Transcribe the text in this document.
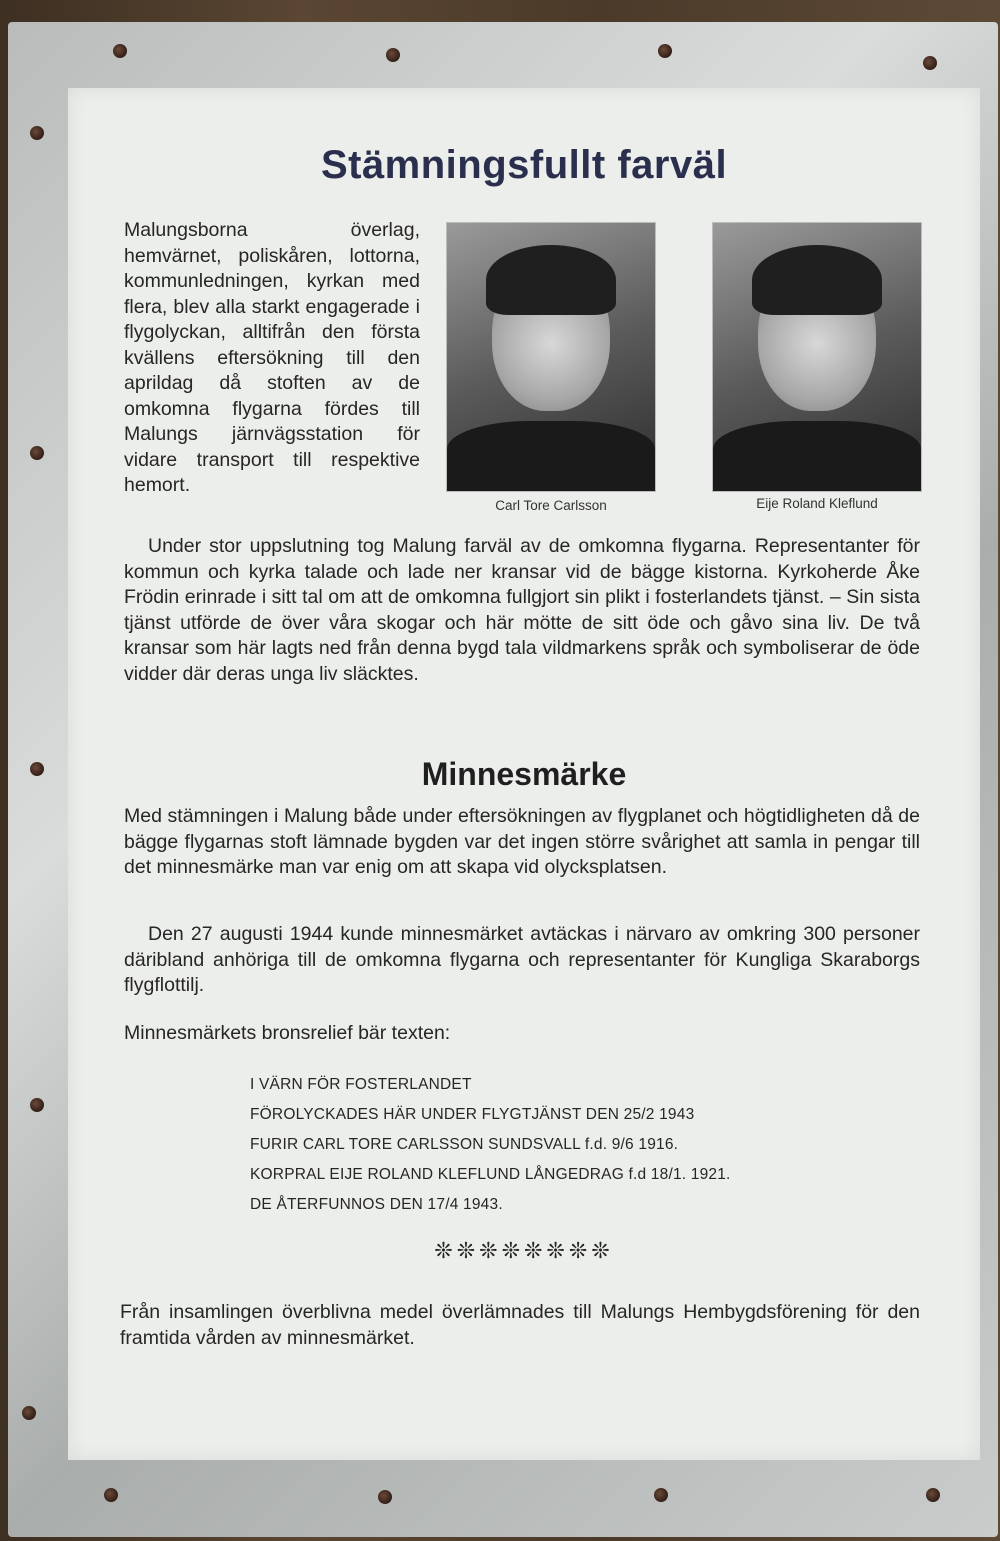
Stämningsfullt farväl
Malungsborna överlag, hemvärnet, poliskåren, lottorna, kommunledningen, kyrkan med flera, blev alla starkt engagerade i flygolyckan, alltifrån den första kvällens eftersökning till den aprildag då stoften av de omkomna flygarna fördes till Malungs järnvägsstation för vidare transport till respektive hemort.
Carl Tore Carlsson	Eije Roland Kleflund
Under stor uppslutning tog Malung farväl av de omkomna flygarna. Representanter för kommun och kyrka talade och lade ner kransar vid de bägge kistorna. Kyrkoherde Åke Frödin erinrade i sitt tal om att de omkomna fullgjort sin plikt i fosterlandets tjänst. – Sin sista tjänst utförde de över våra skogar och här mötte de sitt öde och gåvo sina liv. De två kransar som här lagts ned från denna bygd tala vildmarkens språk och symboliserar de öde vidder där deras unga liv släcktes.
Minnesmärke
Med stämningen i Malung både under eftersökningen av flygplanet och högtidligheten då de bägge flygarnas stoft lämnade bygden var det ingen större svårighet att samla in pengar till det minnesmärke man var enig om att skapa vid olycksplatsen.
Den 27 augusti 1944 kunde minnesmärket avtäckas i närvaro av omkring 300 personer däribland anhöriga till de omkomna flygarna och representanter för Kungliga Skaraborgs flygflottilj.
Minnesmärkets bronsrelief bär texten:
I VÄRN FÖR FOSTERLANDET
FÖROLYCKADES HÄR UNDER FLYGTJÄNST DEN 25/2 1943
FURIR CARL TORE CARLSSON SUNDSVALL f.d. 9/6 1916.
KORPRAL EIJE ROLAND KLEFLUND LÅNGEDRAG f.d 18/1. 1921.
DE ÅTERFUNNOS DEN 17/4 1943.
❊❊❊❊❊❊❊❊
Från insamlingen överblivna medel överlämnades till Malungs Hembygdsförening för den framtida vården av minnesmärket.
